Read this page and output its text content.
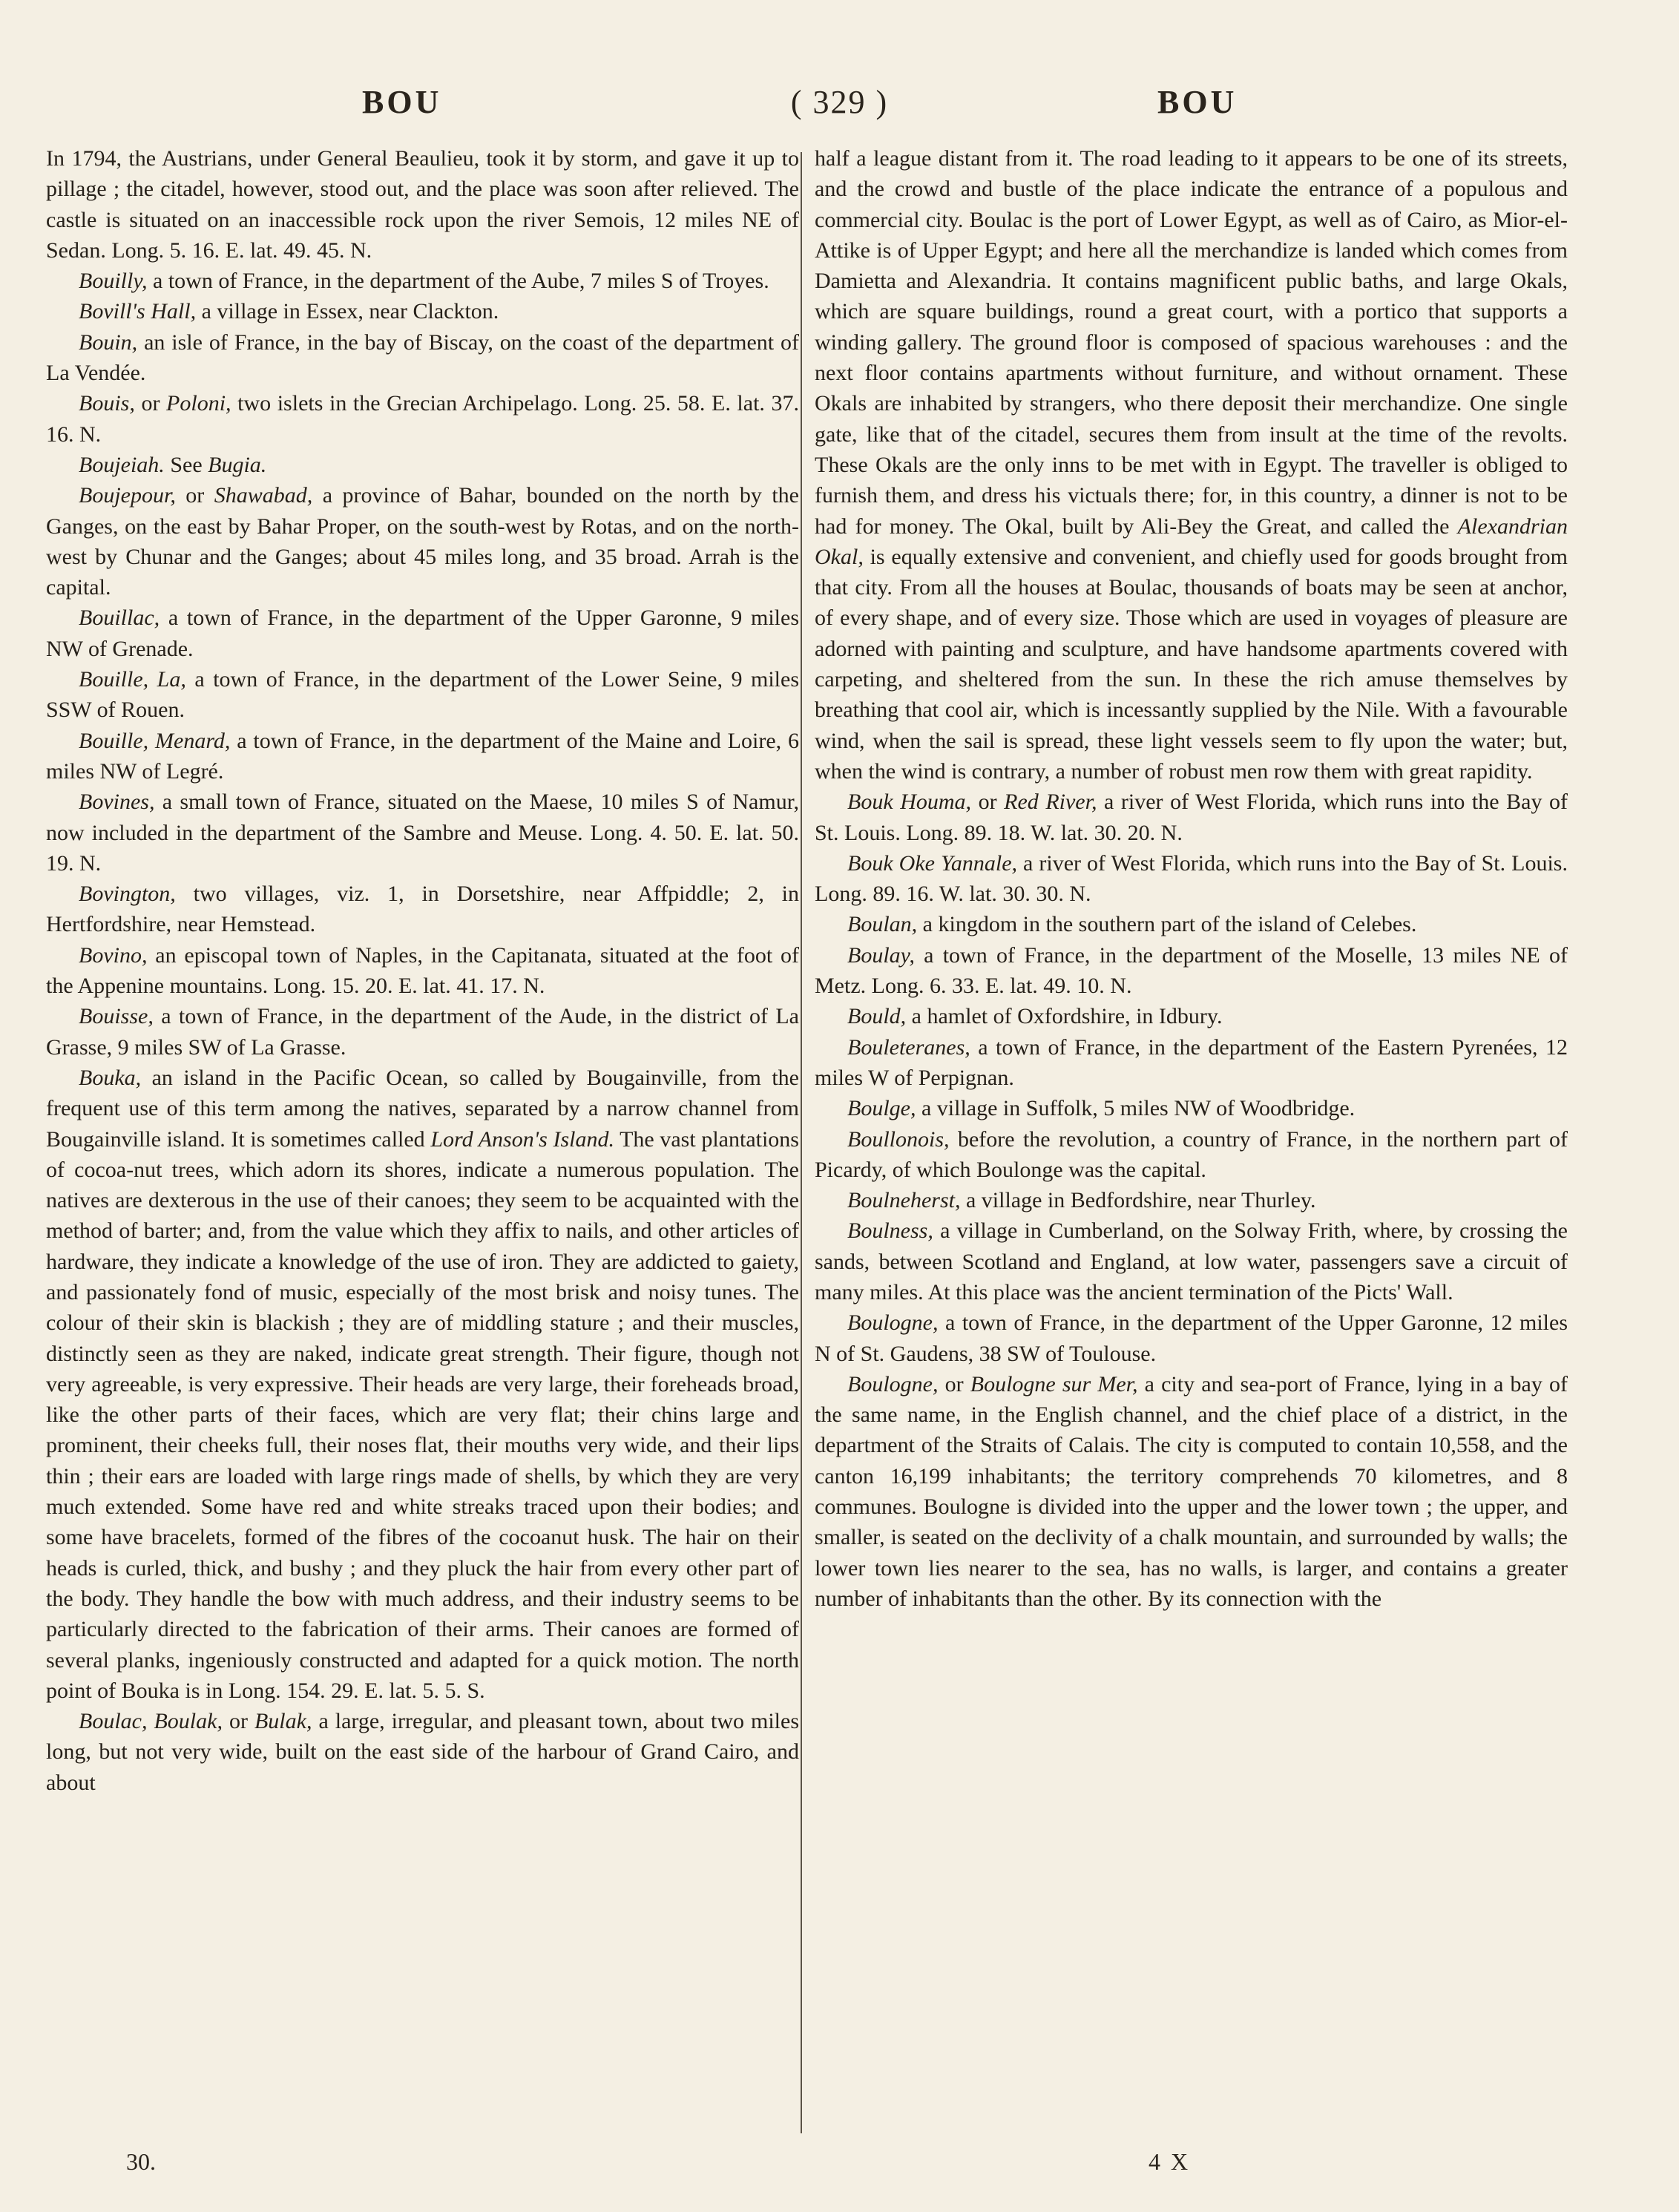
BOU	( 329 )	BOU

In 1794, the Austrians, under General Beaulieu, took it by storm, and gave it up to pillage ; the citadel, however, stood out, and the place was soon after relieved. The castle is situated on an inaccessible rock upon the river Semois, 12 miles NE of Sedan. Long. 5. 16. E. lat. 49. 45. N.

Bouilly, a town of France, in the department of the Aube, 7 miles S of Troyes.

Bovill's Hall, a village in Essex, near Clackton.

Bouin, an isle of France, in the bay of Biscay, on the coast of the department of La Vendée.

Bouis, or Poloni, two islets in the Grecian Archipelago. Long. 25. 58. E. lat. 37. 16. N.

Boujeiah. See Bugia.

Boujepour, or Shawabad, a province of Bahar, bounded on the north by the Ganges, on the east by Bahar Proper, on the south-west by Rotas, and on the north-west by Chunar and the Ganges; about 45 miles long, and 35 broad. Arrah is the capital.

Bouillac, a town of France, in the department of the Upper Garonne, 9 miles NW of Grenade.

Bouille, La, a town of France, in the department of the Lower Seine, 9 miles SSW of Rouen.

Bouille, Menard, a town of France, in the department of the Maine and Loire, 6 miles NW of Legré.

Bovines, a small town of France, situated on the Maese, 10 miles S of Namur, now included in the department of the Sambre and Meuse. Long. 4. 50. E. lat. 50. 19. N.

Bovington, two villages, viz. 1, in Dorsetshire, near Affpiddle; 2, in Hertfordshire, near Hemstead.

Bovino, an episcopal town of Naples, in the Capitanata, situated at the foot of the Appenine mountains. Long. 15. 20. E. lat. 41. 17. N.

Bouisse, a town of France, in the department of the Aude, in the district of La Grasse, 9 miles SW of La Grasse.

Bouka, an island in the Pacific Ocean, so called by Bougainville, from the frequent use of this term among the natives, separated by a narrow channel from Bougainville island. It is sometimes called Lord Anson's Island. The vast plantations of cocoa-nut trees, which adorn its shores, indicate a numerous population. The natives are dexterous in the use of their canoes; they seem to be acquainted with the method of barter; and, from the value which they affix to nails, and other articles of hardware, they indicate a knowledge of the use of iron. They are addicted to gaiety, and passionately fond of music, especially of the most brisk and noisy tunes. The colour of their skin is blackish ; they are of middling stature ; and their muscles, distinctly seen as they are naked, indicate great strength. Their figure, though not very agreeable, is very expressive. Their heads are very large, their foreheads broad, like the other parts of their faces, which are very flat; their chins large and prominent, their cheeks full, their noses flat, their mouths very wide, and their lips thin ; their ears are loaded with large rings made of shells, by which they are very much extended. Some have red and white streaks traced upon their bodies; and some have bracelets, formed of the fibres of the cocoanut husk. The hair on their heads is curled, thick, and bushy ; and they pluck the hair from every other part of the body. They handle the bow with much address, and their industry seems to be particularly directed to the fabrication of their arms. Their canoes are formed of several planks, ingeniously constructed and adapted for a quick motion. The north point of Bouka is in Long. 154. 29. E. lat. 5. 5. S.

Boulac, Boulak, or Bulak, a large, irregular, and pleasant town, about two miles long, but not very wide, built on the east side of the harbour of Grand Cairo, and about

half a league distant from it. The road leading to it appears to be one of its streets, and the crowd and bustle of the place indicate the entrance of a populous and commercial city. Boulac is the port of Lower Egypt, as well as of Cairo, as Mior-el-Attike is of Upper Egypt; and here all the merchandize is landed which comes from Damietta and Alexandria. It contains magnificent public baths, and large Okals, which are square buildings, round a great court, with a portico that supports a winding gallery. The ground floor is composed of spacious warehouses : and the next floor contains apartments without furniture, and without ornament. These Okals are inhabited by strangers, who there deposit their merchandize. One single gate, like that of the citadel, secures them from insult at the time of the revolts. These Okals are the only inns to be met with in Egypt. The traveller is obliged to furnish them, and dress his victuals there; for, in this country, a dinner is not to be had for money. The Okal, built by Ali-Bey the Great, and called the Alexandrian Okal, is equally extensive and convenient, and chiefly used for goods brought from that city. From all the houses at Boulac, thousands of boats may be seen at anchor, of every shape, and of every size. Those which are used in voyages of pleasure are adorned with painting and sculpture, and have handsome apartments covered with carpeting, and sheltered from the sun. In these the rich amuse themselves by breathing that cool air, which is incessantly supplied by the Nile. With a favourable wind, when the sail is spread, these light vessels seem to fly upon the water; but, when the wind is contrary, a number of robust men row them with great rapidity.

Bouk Houma, or Red River, a river of West Florida, which runs into the Bay of St. Louis. Long. 89. 18. W. lat. 30. 20. N.

Bouk Oke Yannale, a river of West Florida, which runs into the Bay of St. Louis. Long. 89. 16. W. lat. 30. 30. N.

Boulan, a kingdom in the southern part of the island of Celebes.

Boulay, a town of France, in the department of the Moselle, 13 miles NE of Metz. Long. 6. 33. E. lat. 49. 10. N.

Bould, a hamlet of Oxfordshire, in Idbury.

Bouleteranes, a town of France, in the department of the Eastern Pyrenées, 12 miles W of Perpignan.

Boulge, a village in Suffolk, 5 miles NW of Woodbridge.

Boullonois, before the revolution, a country of France, in the northern part of Picardy, of which Boulonge was the capital.

Boulneherst, a village in Bedfordshire, near Thurley.

Boulness, a village in Cumberland, on the Solway Frith, where, by crossing the sands, between Scotland and England, at low water, passengers save a circuit of many miles. At this place was the ancient termination of the Picts' Wall.

Boulogne, a town of France, in the department of the Upper Garonne, 12 miles N of St. Gaudens, 38 SW of Toulouse.

Boulogne, or Boulogne sur Mer, a city and sea-port of France, lying in a bay of the same name, in the English channel, and the chief place of a district, in the department of the Straits of Calais. The city is computed to contain 10,558, and the canton 16,199 inhabitants; the territory comprehends 70 kilometres, and 8 communes. Boulogne is divided into the upper and the lower town ; the upper, and smaller, is seated on the declivity of a chalk mountain, and surrounded by walls; the lower town lies nearer to the sea, has no walls, is larger, and contains a greater number of inhabitants than the other. By its connection with the

30.	4 X
